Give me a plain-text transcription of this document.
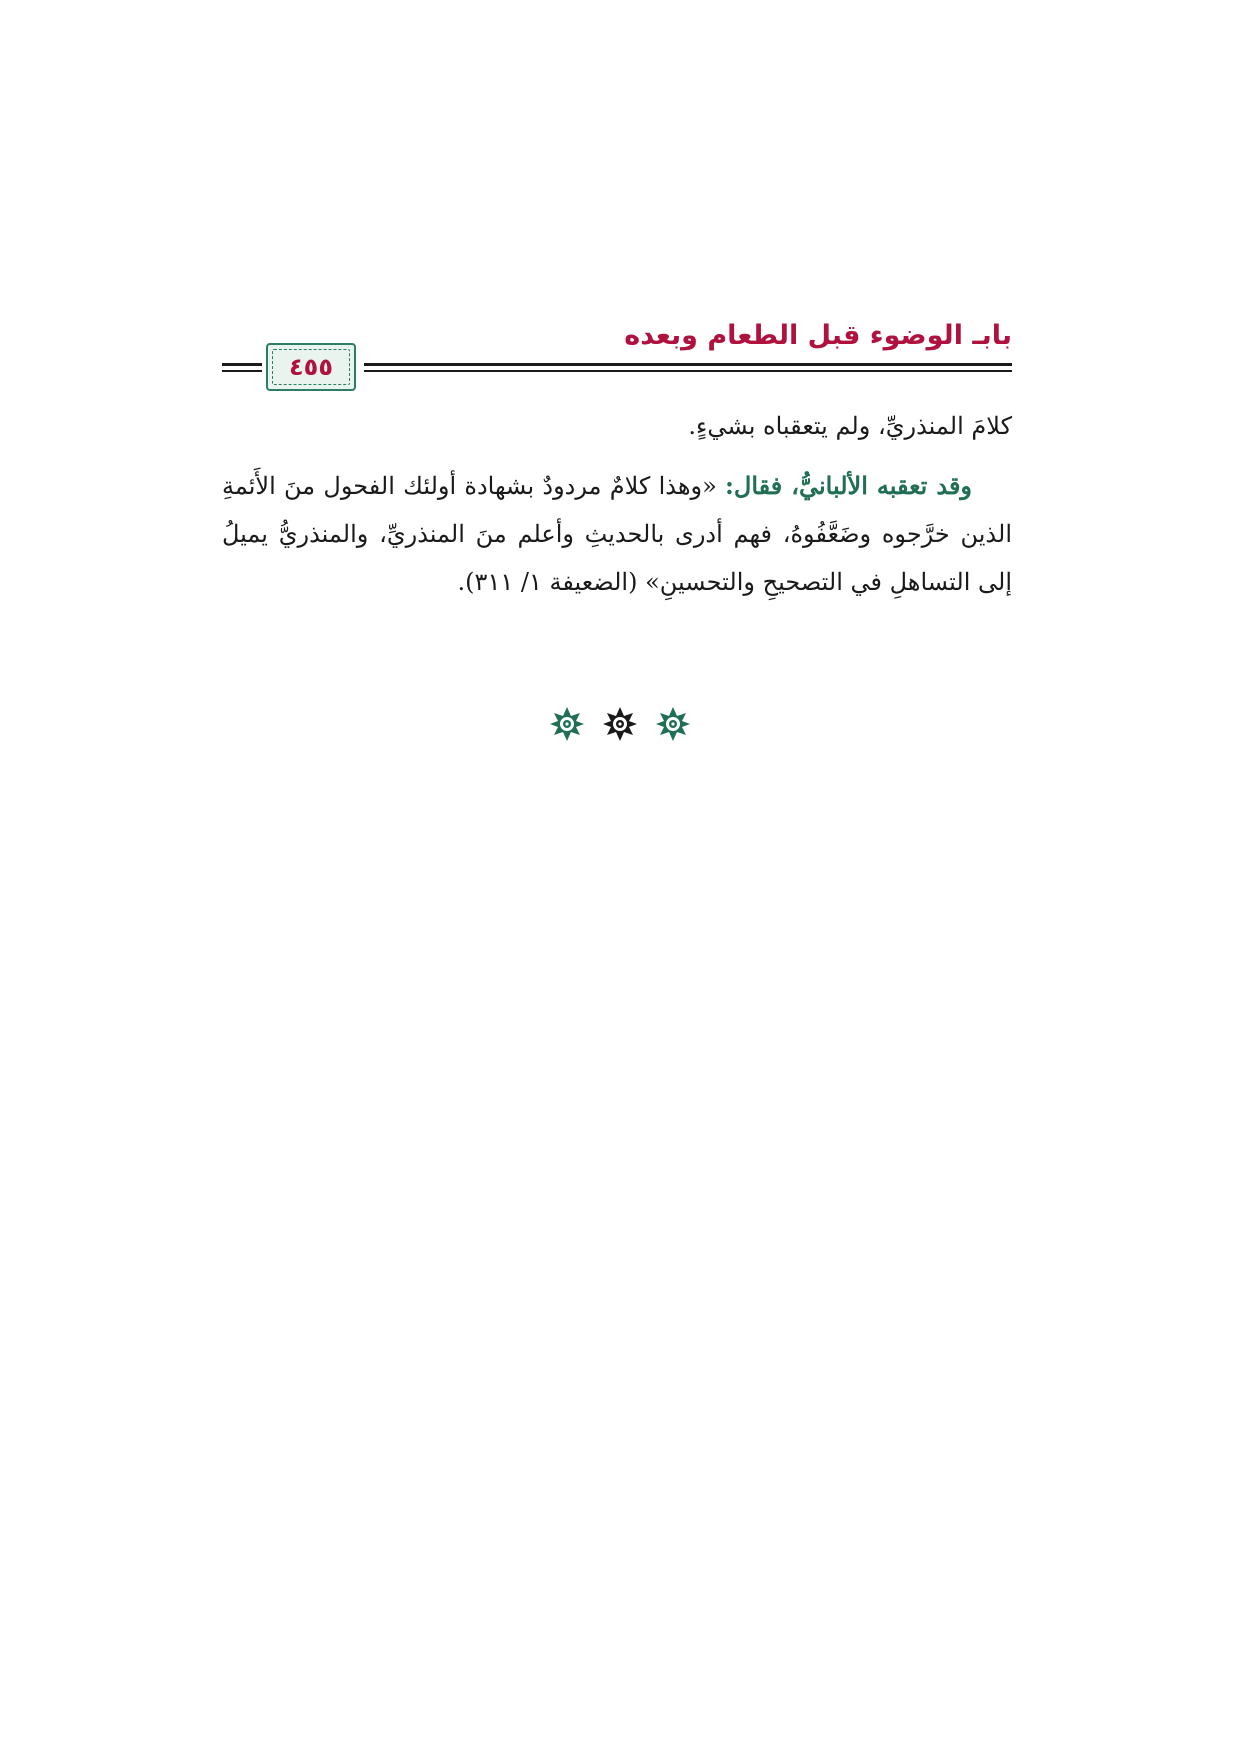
بابـ الوضوء قبل الطعام وبعده
٤٥٥

كلامَ المنذريِّ، ولم يتعقباه بشيءٍ.

وقد تعقبه الألبانيُّ، فقال: «وهذا كلامٌ مردودٌ بشهادة أولئك الفحول منَ الأَئمةِ الذين خرَّجوه وضَعَّفُوهُ، فهم أدرى بالحديثِ وأعلم منَ المنذريِّ، والمنذريُّ يميلُ إلى التساهلِ في التصحيحِ والتحسينِ» (الضعيفة ١/ ٣١١).
